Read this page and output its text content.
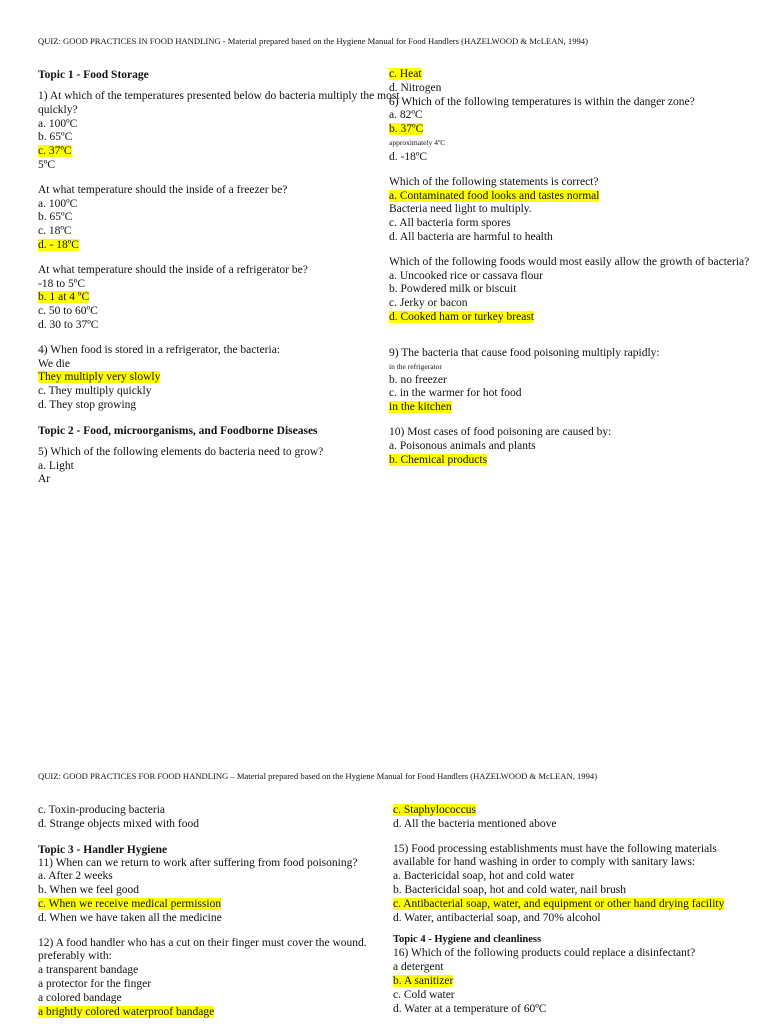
QUIZ: GOOD PRACTICES IN FOOD HANDLING - Material prepared based on the Hygiene Manual for Food Handlers (HAZELWOOD & McLEAN, 1994)
Topic 1 - Food Storage
1) At which of the temperatures presented below do bacteria multiply the most
quickly?
a. 100ºC
b. 65ºC
c. 37ºC
5ºC
At what temperature should the inside of a freezer be?
a. 100ºC
b. 65ºC
c. 18ºC
d. - 18ºC
At what temperature should the inside of a refrigerator be?
-18 to 5ºC
b. 1 at 4 ºC
c. 50 to 60ºC
d. 30 to 37ºC
4) When food is stored in a refrigerator, the bacteria:
We die
They multiply very slowly
c. They multiply quickly
d. They stop growing
Topic 2 - Food, microorganisms, and Foodborne Diseases
5) Which of the following elements do bacteria need to grow?
a. Light
Ar
c. Heat
d. Nitrogen
6) Which of the following temperatures is within the danger zone?
a. 82ºC
b. 37ºC
approximately 4ºC
d. -18ºC
Which of the following statements is correct?
a. Contaminated food looks and tastes normal
Bacteria need light to multiply.
c. All bacteria form spores
d. All bacteria are harmful to health
Which of the following foods would most easily allow the growth of bacteria?
a. Uncooked rice or cassava flour
b. Powdered milk or biscuit
c. Jerky or bacon
d. Cooked ham or turkey breast
9) The bacteria that cause food poisoning multiply rapidly:
in the refrigerator
b. no freezer
c. in the warmer for hot food
in the kitchen
10) Most cases of food poisoning are caused by:
a. Poisonous animals and plants
b. Chemical products
QUIZ: GOOD PRACTICES FOR FOOD HANDLING – Material prepared based on the Hygiene Manual for Food Handlers (HAZELWOOD & McLEAN, 1994)
c. Toxin-producing bacteria
d. Strange objects mixed with food
Topic 3 - Handler Hygiene
11) When can we return to work after suffering from food poisoning?
a. After 2 weeks
b. When we feel good
c. When we receive medical permission
d. When we have taken all the medicine
12) A food handler who has a cut on their finger must cover the wound.
preferably with:
a transparent bandage
a protector for the finger
a colored bandage
a brightly colored waterproof bandage
c. Staphylococcus
d. All the bacteria mentioned above
15) Food processing establishments must have the following materials
available for hand washing in order to comply with sanitary laws:
a. Bactericidal soap, hot and cold water
b. Bactericidal soap, hot and cold water, nail brush
c. Antibacterial soap, water, and equipment or other hand drying facility
d. Water, antibacterial soap, and 70% alcohol
Topic 4 - Hygiene and cleanliness
16) Which of the following products could replace a disinfectant?
a detergent
b. A sanitizer
c. Cold water
d. Water at a temperature of 60ºC
